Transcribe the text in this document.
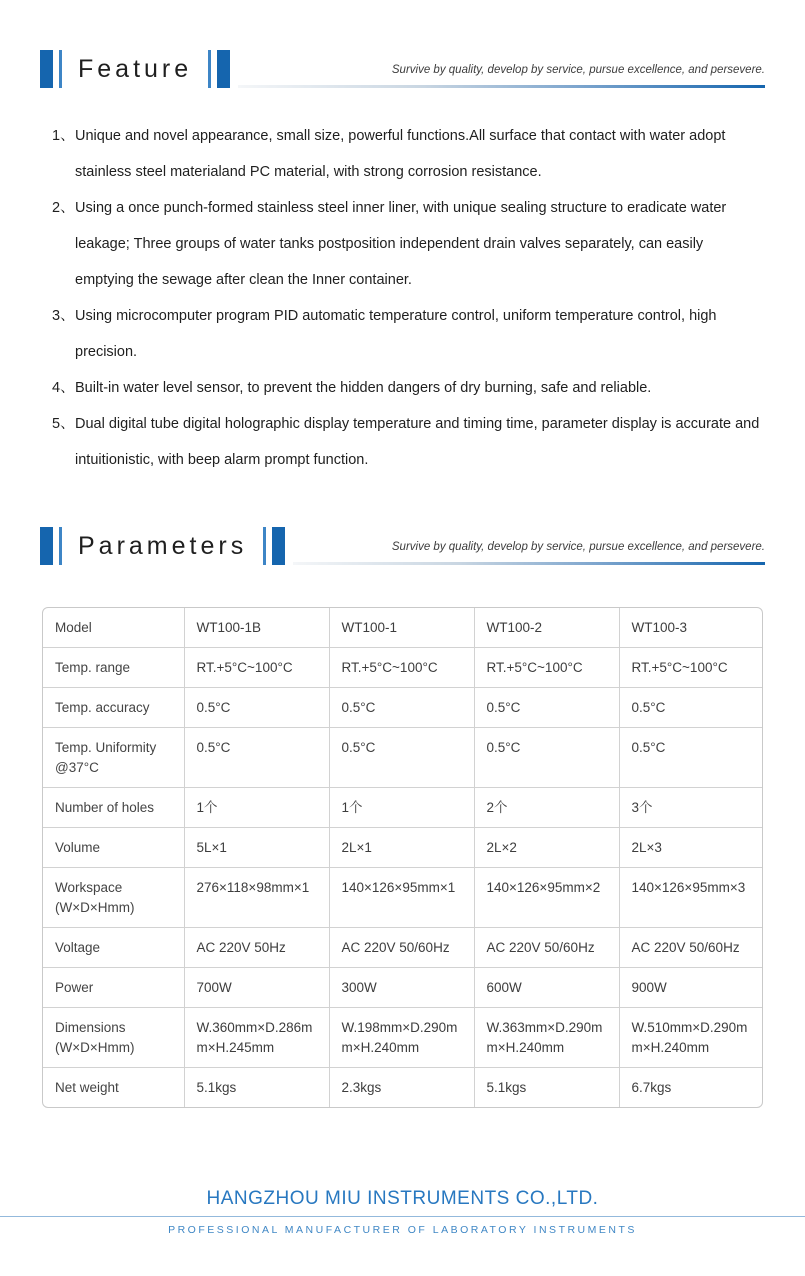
Feature	Survive by quality, develop by service, pursue excellence, and persevere.
1、 Unique and novel appearance, small size, powerful functions.All surface that contact with water adopt stainless steel materialand PC material, with strong corrosion resistance.
2、 Using a once punch-formed stainless steel inner liner, with unique sealing structure to eradicate water leakage; Three groups of water tanks postposition independent drain valves separately, can easily emptying the sewage after clean the Inner container.
3、 Using microcomputer program PID automatic temperature control, uniform temperature control, high precision.
4、 Built-in water level sensor, to prevent the hidden dangers of dry burning, safe and reliable.
5、 Dual digital tube digital holographic display temperature and timing time, parameter display is accurate and intuitionistic, with beep alarm prompt function.
Parameters	Survive by quality, develop by service, pursue excellence, and persevere.
Model	WT100-1B	WT100-1	WT100-2	WT100-3
Temp. range	RT.+5°C~100°C	RT.+5°C~100°C	RT.+5°C~100°C	RT.+5°C~100°C
Temp. accuracy	0.5°C	0.5°C	0.5°C	0.5°C
Temp. Uniformity @37°C	0.5°C	0.5°C	0.5°C	0.5°C
Number of holes	1个	1个	2个	3个
Volume	5L×1	2L×1	2L×2	2L×3
Workspace (W×D×Hmm)	276×118×98mm×1	140×126×95mm×1	140×126×95mm×2	140×126×95mm×3
Voltage	AC 220V 50Hz	AC 220V 50/60Hz	AC 220V 50/60Hz	AC 220V 50/60Hz
Power	700W	300W	600W	900W
Dimensions (W×D×Hmm)	W.360mm×D.286mm×H.245mm	W.198mm×D.290mm×H.240mm	W.363mm×D.290mm×H.240mm	W.510mm×D.290mm×H.240mm
Net weight	5.1kgs	2.3kgs	5.1kgs	6.7kgs
HANGZHOU MIU INSTRUMENTS CO.,LTD.
PROFESSIONAL MANUFACTURER OF LABORATORY INSTRUMENTS
